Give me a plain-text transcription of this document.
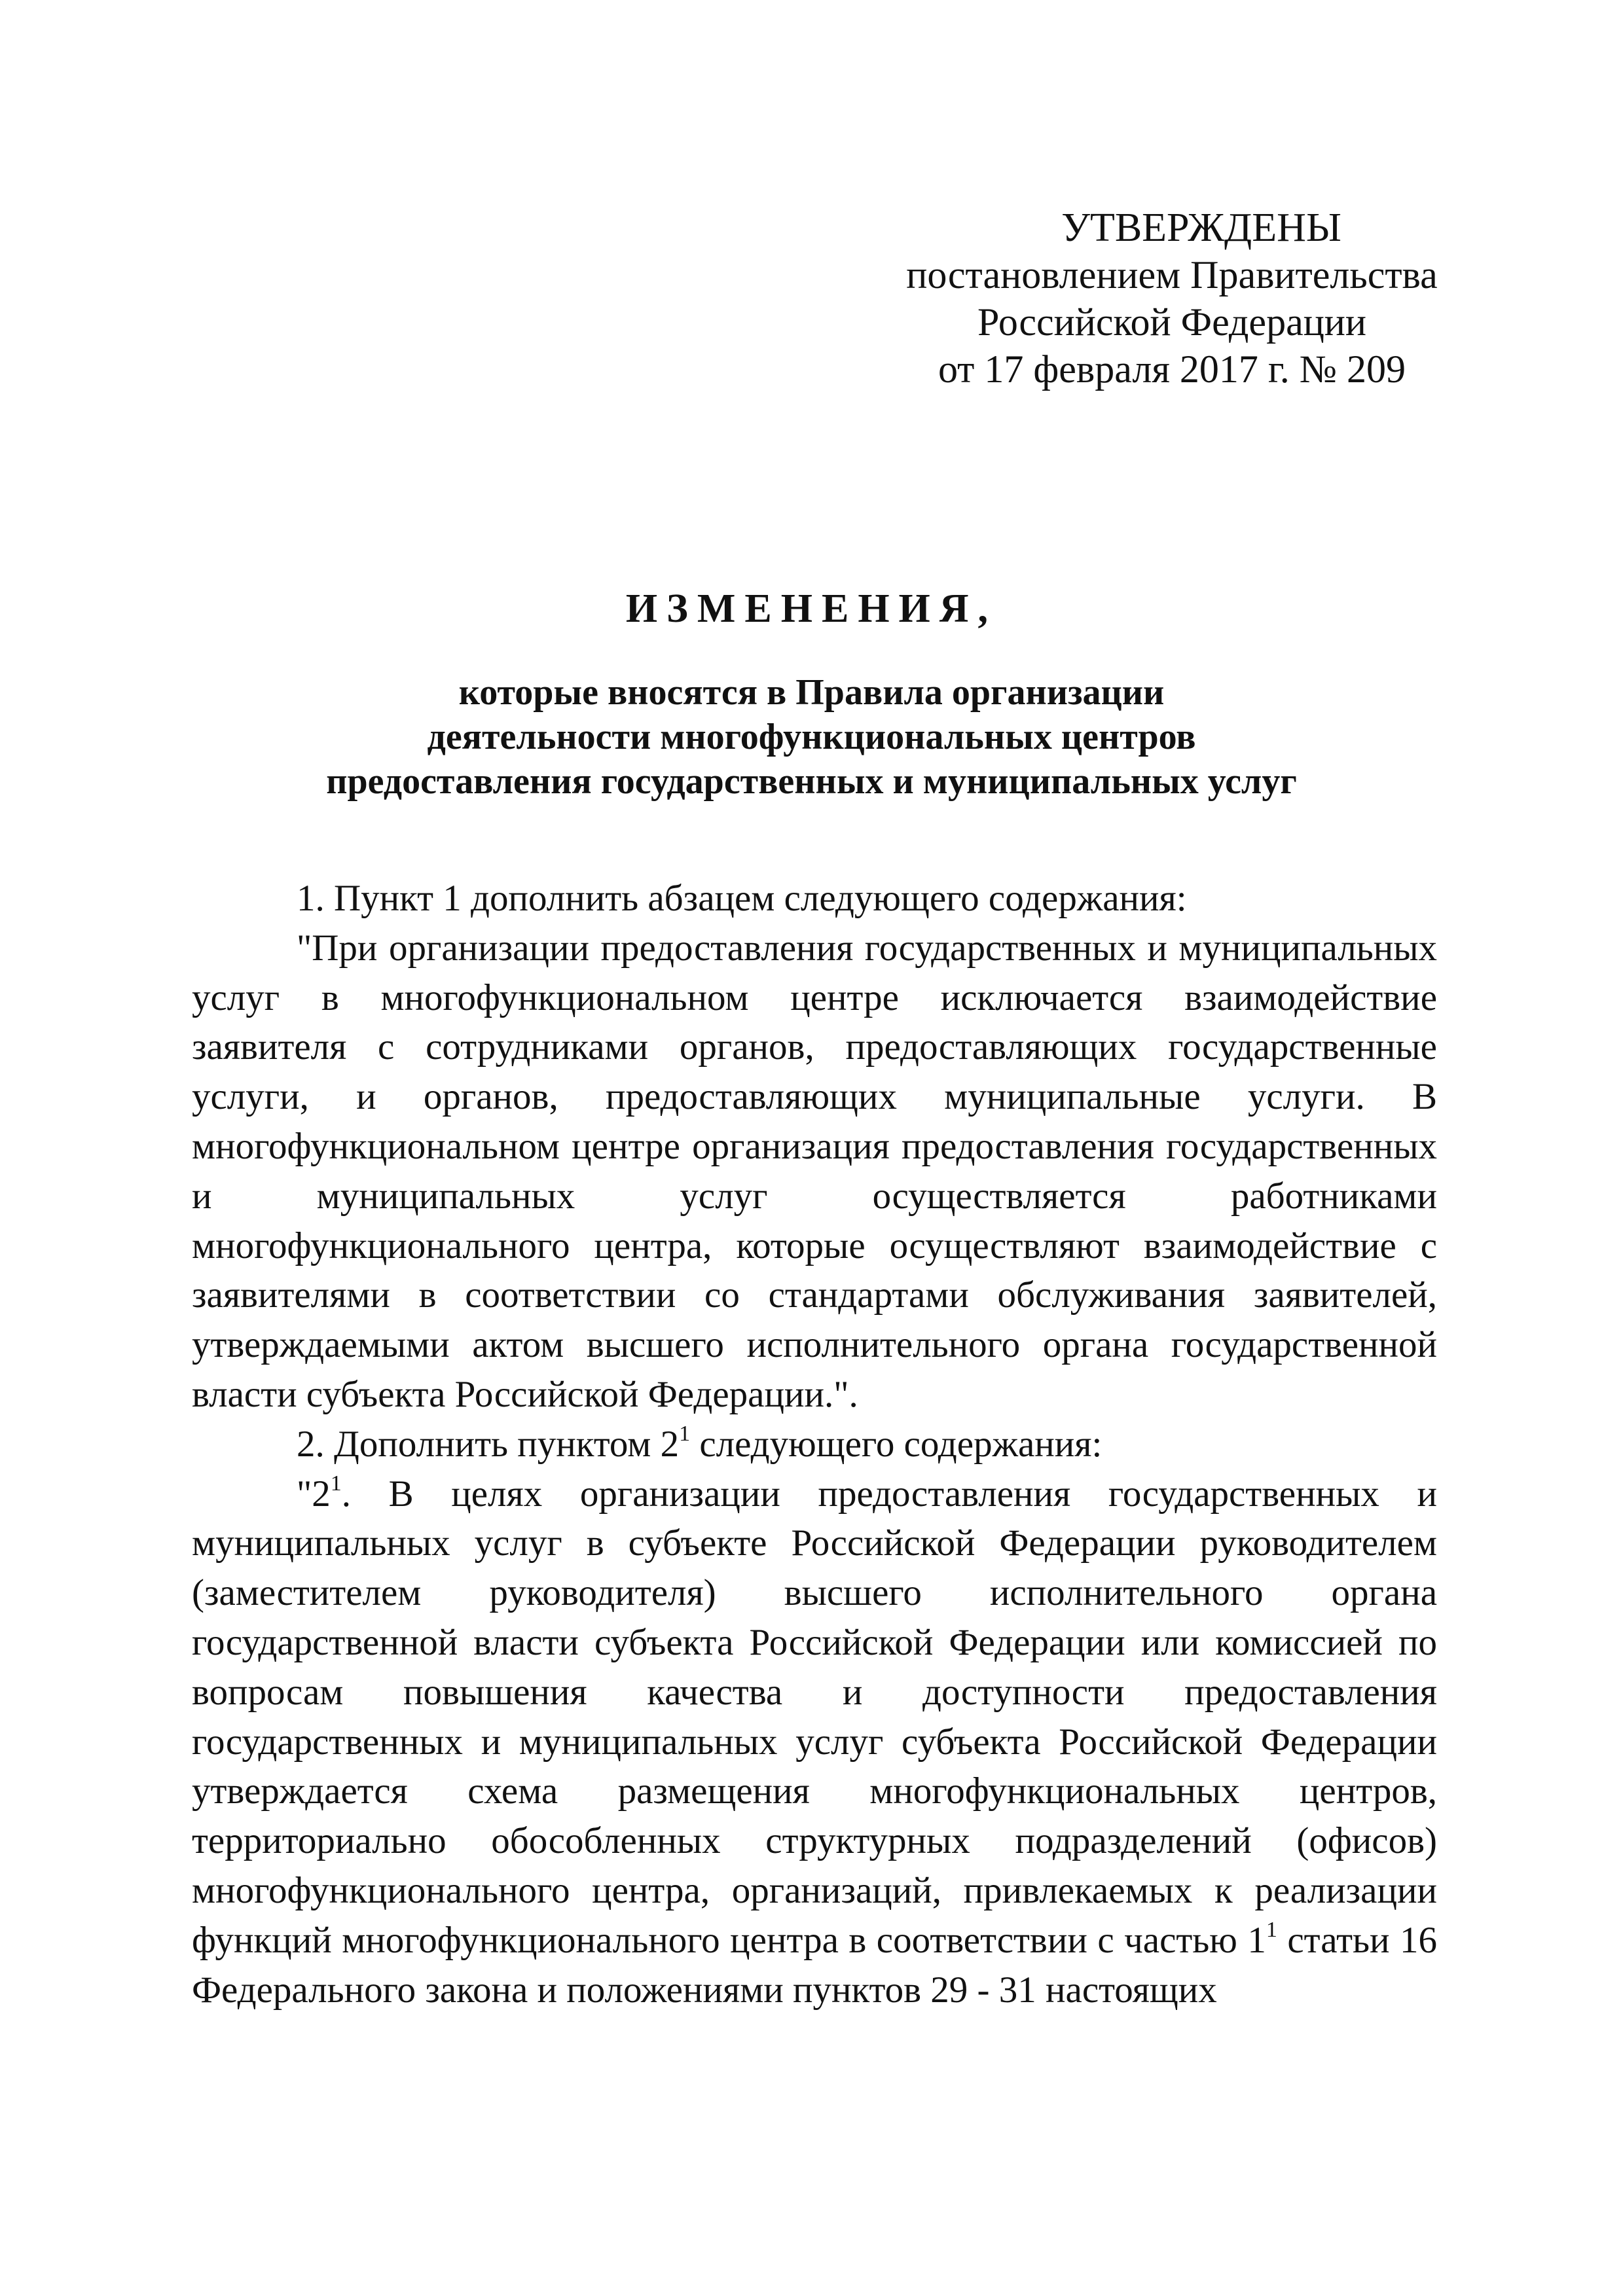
УТВЕРЖДЕНЫ
постановлением Правительства
Российской Федерации
от 17 февраля 2017 г. № 209
ИЗМЕНЕНИЯ,
которые вносятся в Правила организации
деятельности многофункциональных центров
предоставления государственных и муниципальных услуг

1. Пункт 1 дополнить абзацем следующего содержания:

"При организации предоставления государственных и муниципальных услуг в многофункциональном центре исключается взаимодействие заявителя с сотрудниками органов, предоставляющих государственные услуги, и органов, предоставляющих муниципальные услуги. В многофункциональном центре организация предоставления государственных и муниципальных услуг осуществляется работниками многофункционального центра, которые осуществляют взаимодействие с заявителями в соответствии со стандартами обслуживания заявителей, утверждаемыми актом высшего исполнительного органа государственной власти субъекта Российской Федерации.".

2. Дополнить пунктом $2^1$ следующего содержания:

"$2^1$. В целях организации предоставления государственных и муниципальных услуг в субъекте Российской Федерации руководителем (заместителем руководителя) высшего исполнительного органа государственной власти субъекта Российской Федерации или комиссией по вопросам повышения качества и доступности предоставления государственных и муниципальных услуг субъекта Российской Федерации утверждается схема размещения многофункциональных центров, территориально обособленных структурных подразделений (офисов) многофункционального центра, организаций, привлекаемых к реализации функций многофункционального центра в соответствии с частью $1^1$ статьи 16 Федерального закона и положениями пунктов 29 - 31 настоящих
